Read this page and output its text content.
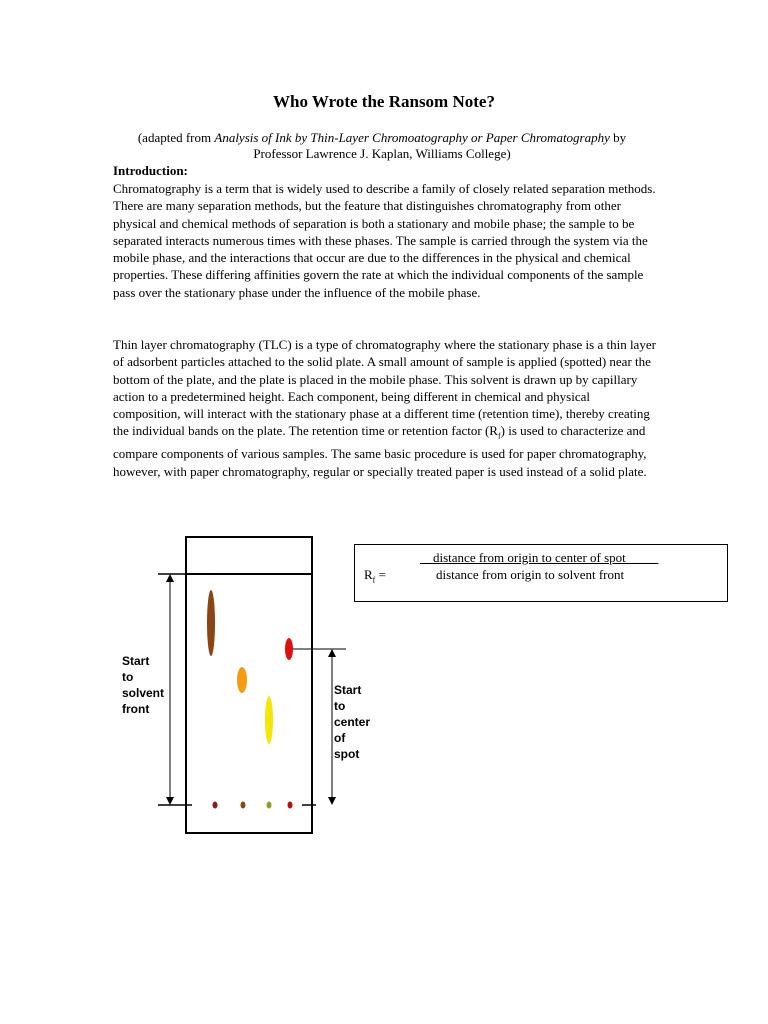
Who Wrote the Ransom Note?
(adapted from Analysis of Ink by Thin-Layer Chromoatography or Paper Chromatography by
Professor Lawrence J. Kaplan, Williams College)

Introduction:

Chromatography is a term that is widely used to describe a family of closely related separation methods. There are many separation methods, but the feature that distinguishes chromatography from other physical and chemical methods of separation is both a stationary and mobile phase; the sample to be separated interacts numerous times with these phases. The sample is carried through the system via the mobile phase, and the interactions that occur are due to the differences in the physical and chemical properties. These differing affinities govern the rate at which the individual components of the sample pass over the stationary phase under the influence of the mobile phase.

Thin layer chromatography (TLC) is a type of chromatography where the stationary phase is a thin layer of adsorbent particles attached to the solid plate. A small amount of sample is applied (spotted) near the bottom of the plate, and the plate is placed in the mobile phase. This solvent is drawn up by capillary action to a predetermined height. Each component, being different in chemical and physical composition, will interact with the stationary phase at a different time (retention time), thereby creating the individual bands on the plate. The retention time or retention factor $(R_f)$ is used to characterize and compare components of various samples. The same basic procedure is used for paper chromatography, however, with paper chromatography, regular or specially treated paper is used instead of a solid plate.

Start
to
solvent
front
Start
to
center
of
spot
__distance from origin to center of spot_____
$R_f$ =	distance from origin to solvent front
